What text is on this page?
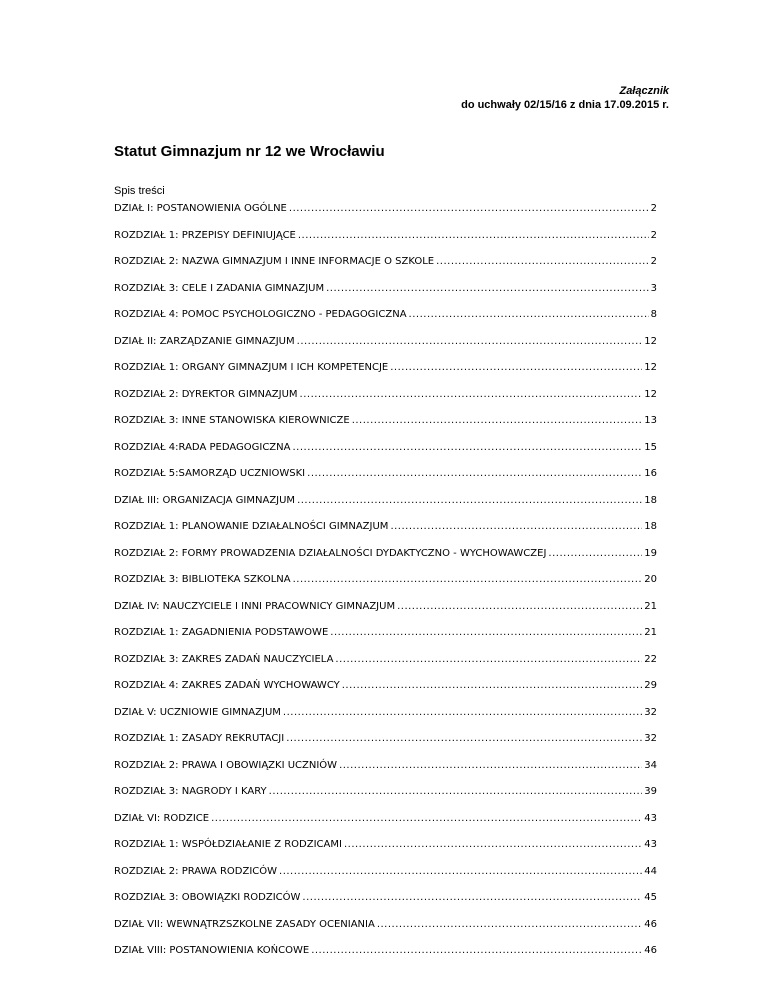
Załącznik
do uchwały 02/15/16 z dnia 17.09.2015 r.
Statut Gimnazjum nr 12 we Wrocławiu
Spis treści
DZIAŁ I: POSTANOWIENIA OGÓLNE .....	2
ROZDZIAŁ 1: PRZEPISY DEFINIUJĄCE .....	2
ROZDZIAŁ 2: NAZWA GIMNAZJUM I INNE INFORMACJE O SZKOLE .....	2
ROZDZIAŁ 3: CELE I ZADANIA GIMNAZJUM .....	3
ROZDZIAŁ 4: POMOC PSYCHOLOGICZNO - PEDAGOGICZNA .....	8
DZIAŁ II: ZARZĄDZANIE GIMNAZJUM .....	12
ROZDZIAŁ 1: ORGANY GIMNAZJUM I ICH KOMPETENCJE .....	12
ROZDZIAŁ 2: DYREKTOR GIMNAZJUM .....	12
ROZDZIAŁ 3: INNE STANOWISKA KIEROWNICZE .....	13
ROZDZIAŁ 4:RADA PEDAGOGICZNA .....	15
ROZDZIAŁ 5:SAMORZĄD UCZNIOWSKI .....	16
DZIAŁ III: ORGANIZACJA GIMNAZJUM .....	18
ROZDZIAŁ 1: PLANOWANIE DZIAŁALNOŚCI GIMNAZJUM .....	18
ROZDZIAŁ 2: FORMY PROWADZENIA DZIAŁALNOŚCI DYDAKTYCZNO - WYCHOWAWCZEJ .....	19
ROZDZIAŁ 3: BIBLIOTEKA SZKOLNA .....	20
DZIAŁ IV: NAUCZYCIELE I INNI PRACOWNICY GIMNAZJUM .....	21
ROZDZIAŁ 1: ZAGADNIENIA PODSTAWOWE .....	21
ROZDZIAŁ 3: ZAKRES ZADAŃ NAUCZYCIELA .....	22
ROZDZIAŁ 4: ZAKRES ZADAŃ WYCHOWAWCY .....	29
DZIAŁ V: UCZNIOWIE GIMNAZJUM .....	32
ROZDZIAŁ 1: ZASADY REKRUTACJI .....	32
ROZDZIAŁ 2: PRAWA I OBOWIĄZKI UCZNIÓW .....	34
ROZDZIAŁ 3: NAGRODY I KARY .....	39
DZIAŁ VI: RODZICE .....	43
ROZDZIAŁ 1: WSPÓŁDZIAŁANIE Z RODZICAMI .....	43
ROZDZIAŁ 2: PRAWA RODZICÓW .....	44
ROZDZIAŁ 3: OBOWIĄZKI RODZICÓW .....	45
DZIAŁ VII: WEWNĄTRZSZKOLNE ZASADY OCENIANIA .....	46
DZIAŁ VIII: POSTANOWIENIA KOŃCOWE .....	46
